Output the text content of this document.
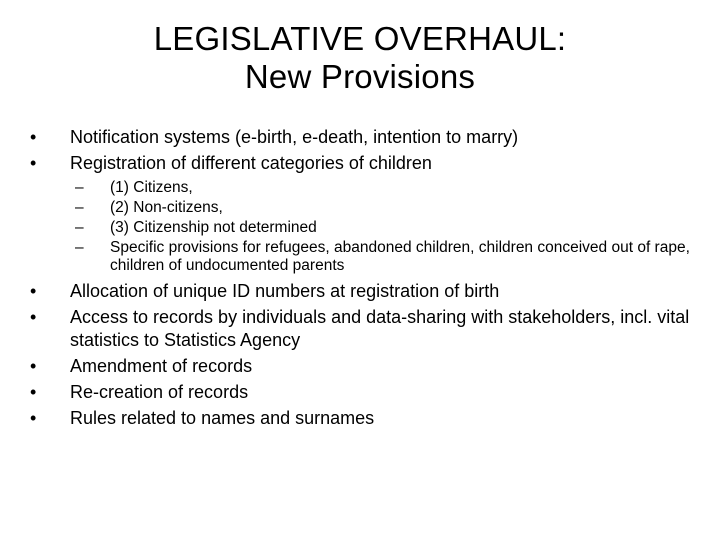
LEGISLATIVE OVERHAUL:
New Provisions
•	Notification systems (e-birth, e-death, intention to marry)
•	Registration of different categories of children
– (1) Citizens,
– (2) Non-citizens,
– (3) Citizenship not determined
– Specific provisions for refugees, abandoned children, children conceived out of rape, children of undocumented parents
•	Allocation of unique ID numbers at registration of birth
•	Access to records by individuals and data-sharing with stakeholders, incl. vital statistics to Statistics Agency
•	Amendment of records
•	Re-creation of records
•	Rules related to names and surnames
